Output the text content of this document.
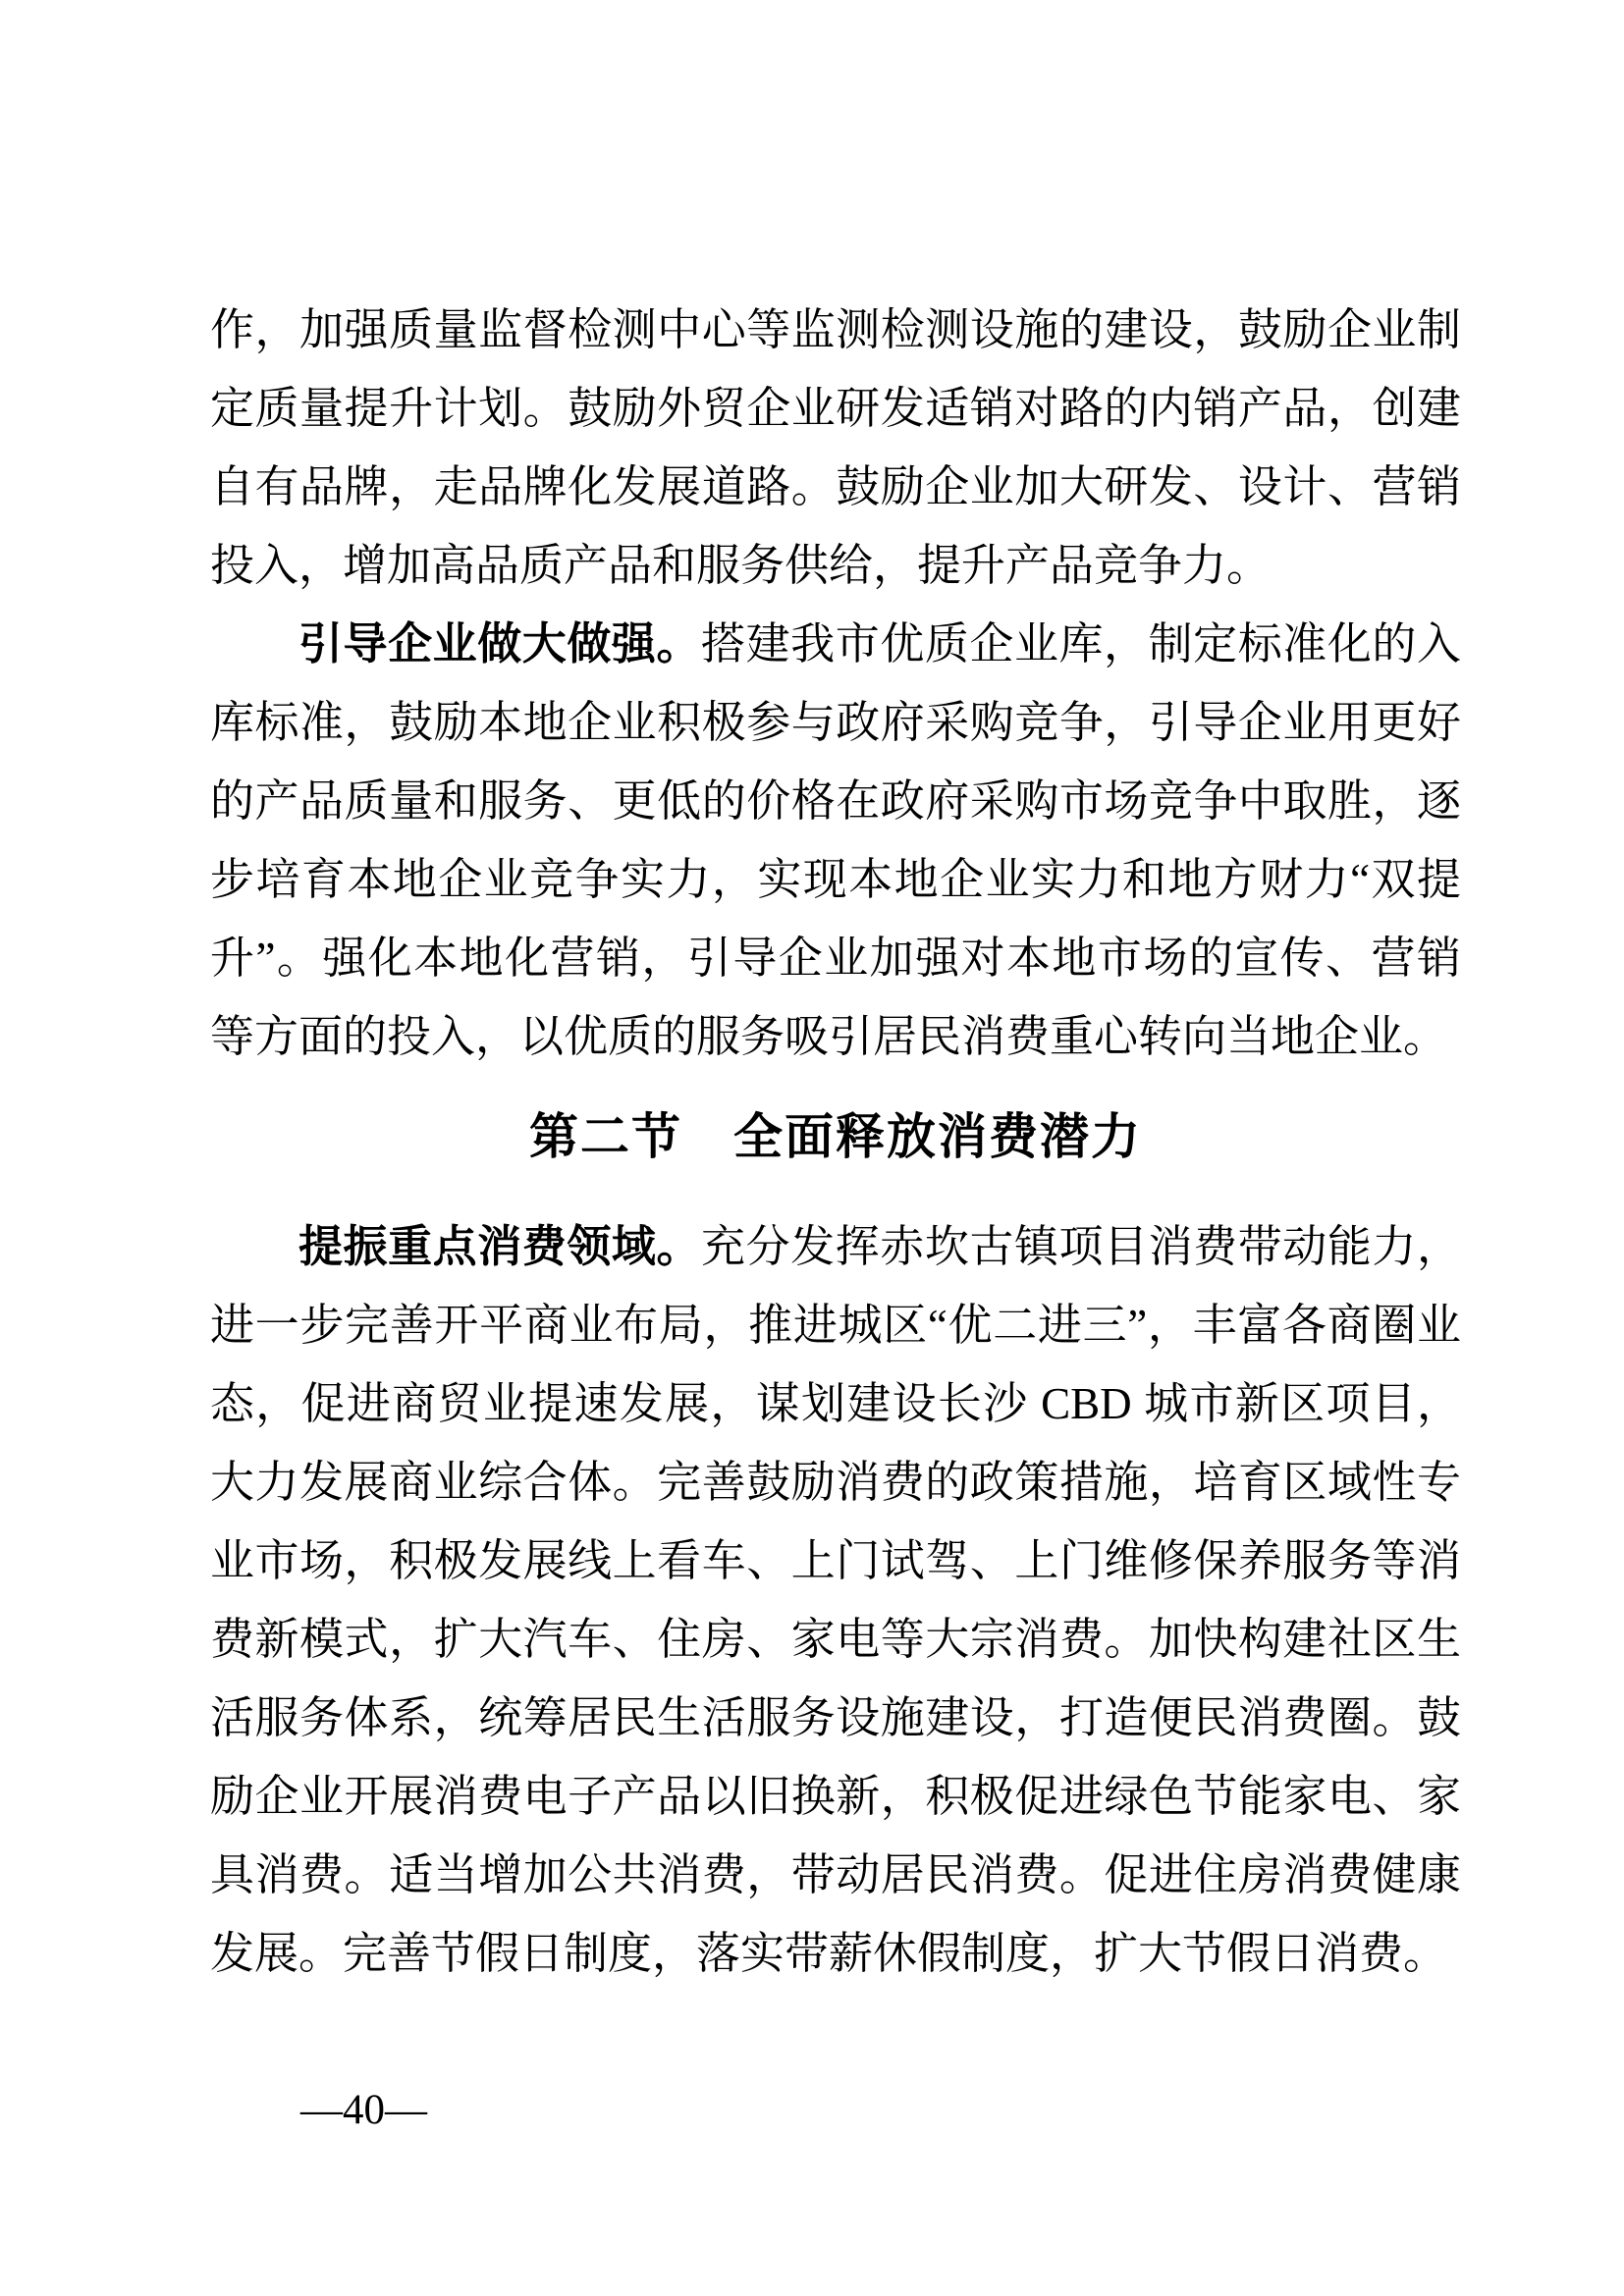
作，加强质量监督检测中心等监测检测设施的建设，鼓励企业制定质量提升计划。鼓励外贸企业研发适销对路的内销产品，创建自有品牌，走品牌化发展道路。鼓励企业加大研发、设计、营销投入，增加高品质产品和服务供给，提升产品竞争力。

引导企业做大做强。搭建我市优质企业库，制定标准化的入库标准，鼓励本地企业积极参与政府采购竞争，引导企业用更好的产品质量和服务、更低的价格在政府采购市场竞争中取胜，逐步培育本地企业竞争实力，实现本地企业实力和地方财力“双提升”。强化本地化营销，引导企业加强对本地市场的宣传、营销等方面的投入，以优质的服务吸引居民消费重心转向当地企业。

第二节　全面释放消费潜力

提振重点消费领域。充分发挥赤坎古镇项目消费带动能力，进一步完善开平商业布局，推进城区“优二进三”，丰富各商圈业态，促进商贸业提速发展，谋划建设长沙 CBD 城市新区项目，大力发展商业综合体。完善鼓励消费的政策措施，培育区域性专业市场，积极发展线上看车、上门试驾、上门维修保养服务等消费新模式，扩大汽车、住房、家电等大宗消费。加快构建社区生活服务体系，统筹居民生活服务设施建设，打造便民消费圈。鼓励企业开展消费电子产品以旧换新，积极促进绿色节能家电、家具消费。适当增加公共消费，带动居民消费。促进住房消费健康发展。完善节假日制度，落实带薪休假制度，扩大节假日消费。

—40—
